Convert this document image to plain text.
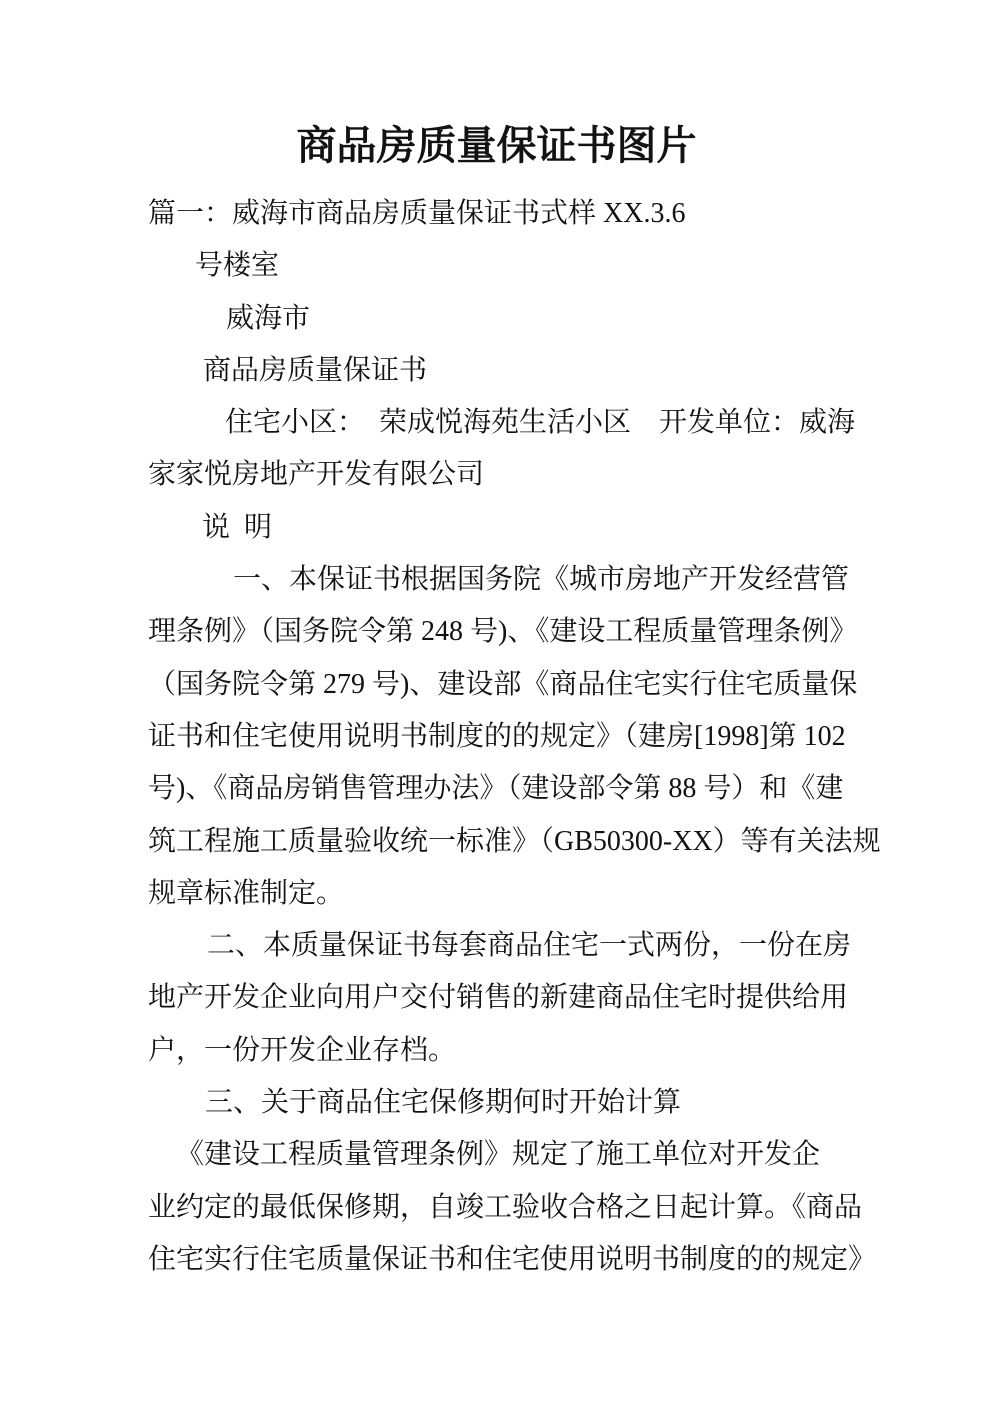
商品房质量保证书图片
篇一：威海市商品房质量保证书式样 XX.3.6
号楼室
威海市
商品房质量保证书
住宅小区： 荣成悦海苑生活小区　开发单位：威海
家家悦房地产开发有限公司
说 明
一、本保证书根据国务院《城市房地产开发经营管
理条例》（国务院令第 248 号)、《建设工程质量管理条例》
（国务院令第 279 号)、建设部《商品住宅实行住宅质量保
证书和住宅使用说明书制度的的规定》（建房[1998]第 102
号)、《商品房销售管理办法》（建设部令第 88 号）和《建
筑工程施工质量验收统一标准》（GB50300-XX）等有关法规
规章标准制定。
二、本质量保证书每套商品住宅一式两份，一份在房
地产开发企业向用户交付销售的新建商品住宅时提供给用
户，一份开发企业存档。
三、关于商品住宅保修期何时开始计算
《建设工程质量管理条例》规定了施工单位对开发企
业约定的最低保修期，自竣工验收合格之日起计算。《商品
住宅实行住宅质量保证书和住宅使用说明书制度的的规定》
